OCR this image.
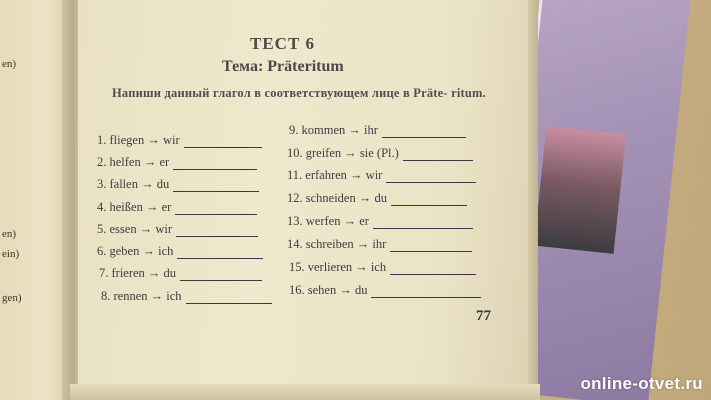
en)
en)
ein)
gen)
ТЕСТ 6
Тема: Präteritum
Напиши данный глагол в соответствующем лице в Präte- ritum.
1. fliegen → wir
2. helfen → er
3. fallen → du
4. heißen → er
5. essen → wir
6. geben → ich
7. frieren → du
8. rennen → ich
9. kommen → ihr
10. greifen → sie (Pl.)
11. erfahren → wir
12. schneiden → du
13. werfen → er
14. schreiben → ihr
15. verlieren → ich
16. sehen → du
77
online-otvet.ru
